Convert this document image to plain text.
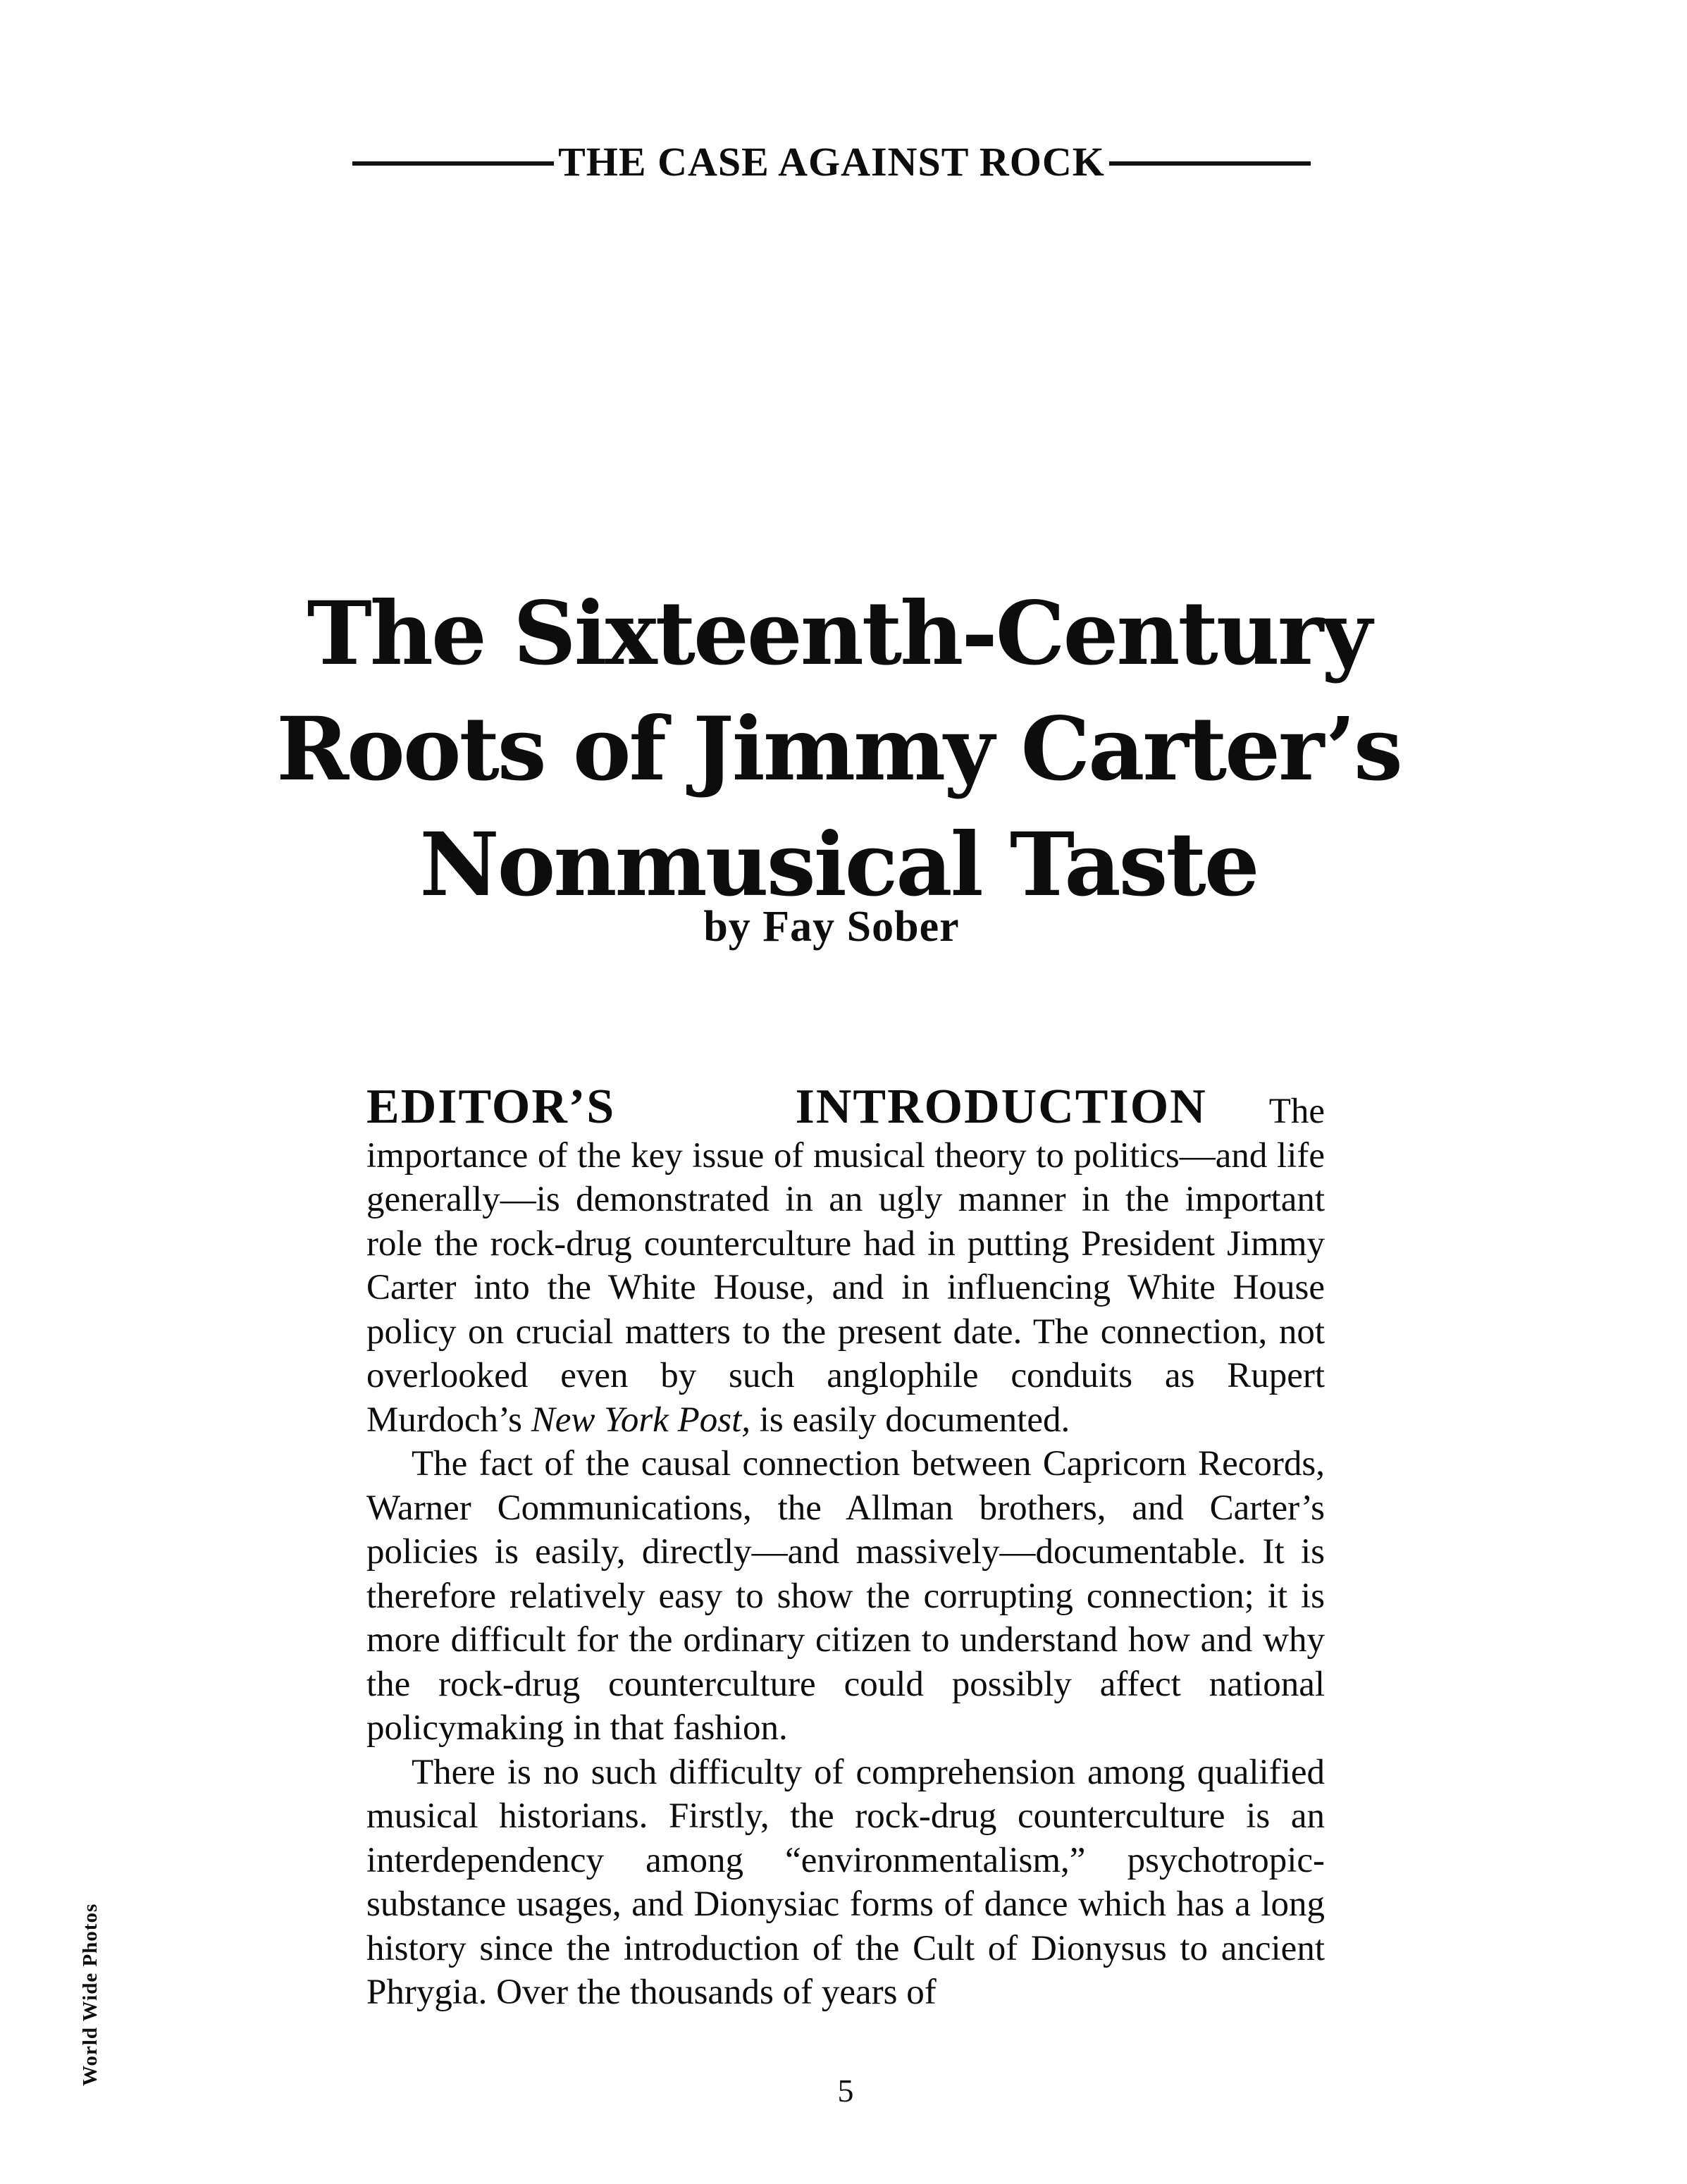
THE CASE AGAINST ROCK
The Sixteenth-Century
Roots of Jimmy Carter’s
Nonmusical Taste

by Fay Sober

EDITOR’S INTRODUCTION The importance of the key issue of musical theory to politics—and life generally—is demonstrated in an ugly manner in the important role the rock-drug counterculture had in putting President Jimmy Carter into the White House, and in influencing White House policy on crucial matters to the present date. The connection, not overlooked even by such anglophile conduits as Rupert Murdoch’s New York Post, is easily documented.

The fact of the causal connection between Capricorn Records, Warner Communications, the Allman brothers, and Carter’s policies is easily, directly—and massively—documentable. It is therefore relatively easy to show the corrupting connection; it is more difficult for the ordinary citizen to understand how and why the rock-drug counterculture could possibly affect national policymaking in that fashion.

There is no such difficulty of comprehension among qualified musical historians. Firstly, the rock-drug counterculture is an interdependency among “environmentalism,” psychotropic-substance usages, and Dionysiac forms of dance which has a long history since the introduction of the Cult of Dionysus to ancient Phrygia. Over the thousands of years of

5
World Wide Photos
